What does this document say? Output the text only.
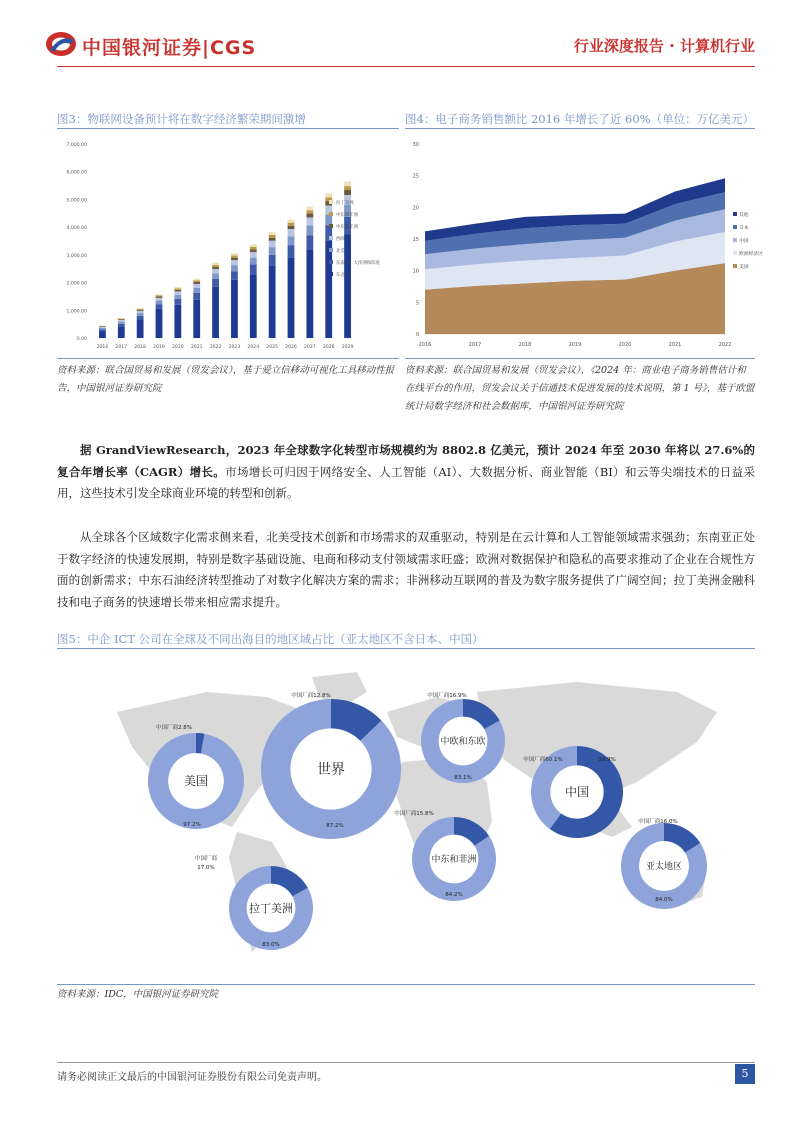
中国银河证券|CGS	行业深度报告 · 计算机行业
图3：物联网设备预计将在数字经济繁荣期间激增
0.00
1,000.00
2,000.00
3,000.00
4,000.00
5,000.00
6,000.00
7,000.00
2016 2017 2018 2019 2020 2021 2022 2023 2024 2025 2026 2027 2028 2029
拉丁美洲
中东和非洲
中东和非洲
西欧
北美
东南亚、大洋洲和印度
东北亚
资料来源：联合国贸易和发展（贸发会议），基于爱立信移动可视化工具移动性报告，中国银河证券研究院
图4：电子商务销售额比 2016 年增长了近 60%（单位：万亿美元）
0
5
10
15
20
25
30
2016	2017	2018	2019	2020	2021	2022
其他
日本
中国
欧洲经济区
美国
资料来源：联合国贸易和发展（贸发会议），《2024 年：商业电子商务销售估计和在线平台的作用，贸发会议关于信通技术促进发展的技术说明，第 1 号》，基于欧盟统计局数字经济和社会数据库，中国银河证券研究院
据 GrandViewResearch，2023 年全球数字化转型市场规模约为 8802.8 亿美元，预计 2024 年至 2030 年将以 27.6%的复合年增长率（CAGR）增长。市场增长可归因于网络安全、人工智能（AI）、大数据分析、商业智能（BI）和云等尖端技术的日益采用，这些技术引发全球商业环境的转型和创新。
从全球各个区域数字化需求侧来看，北美受技术创新和市场需求的双重驱动，特别是在云计算和人工智能领域需求强劲；东南亚正处于数字经济的快速发展期，特别是数字基础设施、电商和移动支付领域需求旺盛；欧洲对数据保护和隐私的高要求推动了企业在合规性方面的创新需求；中东石油经济转型推动了对数字化解决方案的需求；非洲移动互联网的普及为数字服务提供了广阔空间；拉丁美洲金融科技和电子商务的快速增长带来相应需求提升。
图5：中企 ICT 公司在全球及不同出海目的地区域占比（亚太地区不含日本、中国）
美国
中国厂商2.8%
97.2%
世界
中国厂商12.8%
87.2%
中欧和东欧
中国厂商16.9%
83.1%
中国
中国厂商60.1%	39.9%
中东和非洲
中国厂商15.8%
84.2%
亚太地区
中国厂商16.0%
84.0%
拉丁美洲
中国厂商
17.0%
83.0%
资料来源：IDC，中国银河证券研究院
请务必阅读正文最后的中国银河证券股份有限公司免责声明。	5
